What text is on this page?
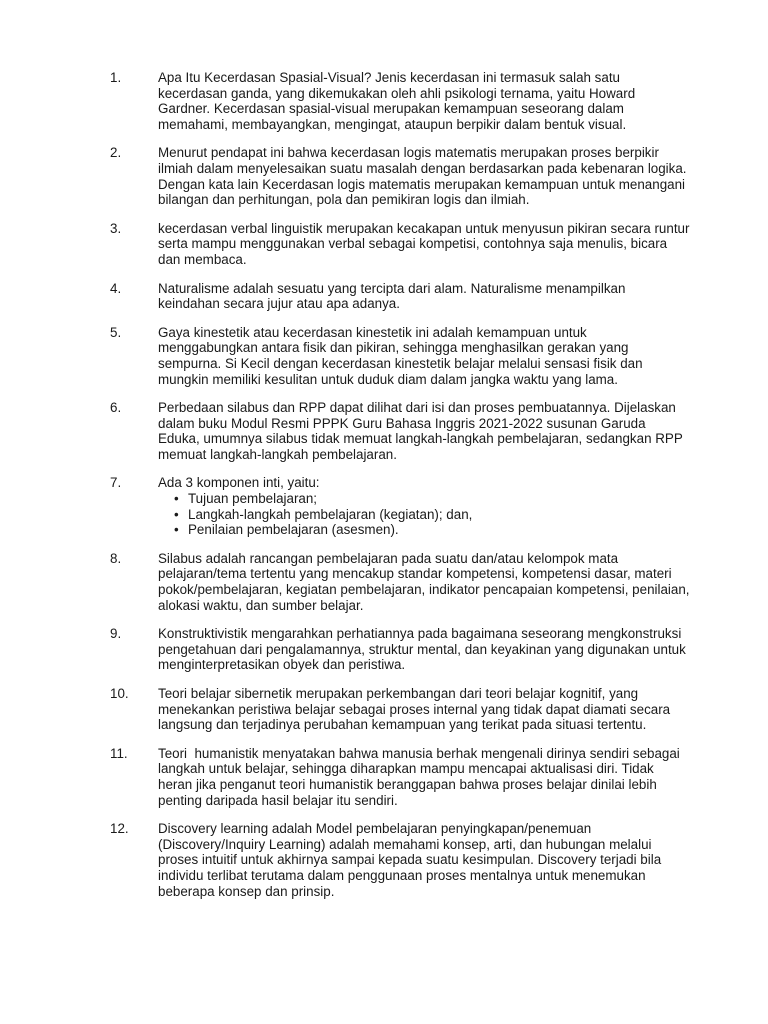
1.	Apa Itu Kecerdasan Spasial-Visual? Jenis kecerdasan ini termasuk salah satu kecerdasan ganda, yang dikemukakan oleh ahli psikologi ternama, yaitu Howard Gardner. Kecerdasan spasial-visual merupakan kemampuan seseorang dalam memahami, membayangkan, mengingat, ataupun berpikir dalam bentuk visual.
2.	Menurut pendapat ini bahwa kecerdasan logis matematis merupakan proses berpikir ilmiah dalam menyelesaikan suatu masalah dengan berdasarkan pada kebenaran logika. Dengan kata lain Kecerdasan logis matematis merupakan kemampuan untuk menangani bilangan dan perhitungan, pola dan pemikiran logis dan ilmiah.
3.	kecerdasan verbal linguistik merupakan kecakapan untuk menyusun pikiran secara runtur serta mampu menggunakan verbal sebagai kompetisi, contohnya saja menulis, bicara dan membaca.
4.	Naturalisme adalah sesuatu yang tercipta dari alam. Naturalisme menampilkan keindahan secara jujur atau apa adanya.
5.	Gaya kinestetik atau kecerdasan kinestetik ini adalah kemampuan untuk menggabungkan antara fisik dan pikiran, sehingga menghasilkan gerakan yang sempurna. Si Kecil dengan kecerdasan kinestetik belajar melalui sensasi fisik dan mungkin memiliki kesulitan untuk duduk diam dalam jangka waktu yang lama.
6.	Perbedaan silabus dan RPP dapat dilihat dari isi dan proses pembuatannya. Dijelaskan dalam buku Modul Resmi PPPK Guru Bahasa Inggris 2021-2022 susunan Garuda Eduka, umumnya silabus tidak memuat langkah-langkah pembelajaran, sedangkan RPP memuat langkah-langkah pembelajaran.
7.	Ada 3 komponen inti, yaitu:
• Tujuan pembelajaran;
• Langkah-langkah pembelajaran (kegiatan); dan,
• Penilaian pembelajaran (asesmen).
8.	Silabus adalah rancangan pembelajaran pada suatu dan/atau kelompok mata pelajaran/tema tertentu yang mencakup standar kompetensi, kompetensi dasar, materi pokok/pembelajaran, kegiatan pembelajaran, indikator pencapaian kompetensi, penilaian, alokasi waktu, dan sumber belajar.
9.	Konstruktivistik mengarahkan perhatiannya pada bagaimana seseorang mengkonstruksi pengetahuan dari pengalamannya, struktur mental, dan keyakinan yang digunakan untuk menginterpretasikan obyek dan peristiwa.
10.	Teori belajar sibernetik merupakan perkembangan dari teori belajar kognitif, yang menekankan peristiwa belajar sebagai proses internal yang tidak dapat diamati secara langsung dan terjadinya perubahan kemampuan yang terikat pada situasi tertentu.
11.	Teori  humanistik menyatakan bahwa manusia berhak mengenali dirinya sendiri sebagai langkah untuk belajar, sehingga diharapkan mampu mencapai aktualisasi diri. Tidak heran jika penganut teori humanistik beranggapan bahwa proses belajar dinilai lebih penting daripada hasil belajar itu sendiri.
12.	Discovery learning adalah Model pembelajaran penyingkapan/penemuan (Discovery/Inquiry Learning) adalah memahami konsep, arti, dan hubungan melalui proses intuitif untuk akhirnya sampai kepada suatu kesimpulan. Discovery terjadi bila individu terlibat terutama dalam penggunaan proses mentalnya untuk menemukan beberapa konsep dan prinsip.
